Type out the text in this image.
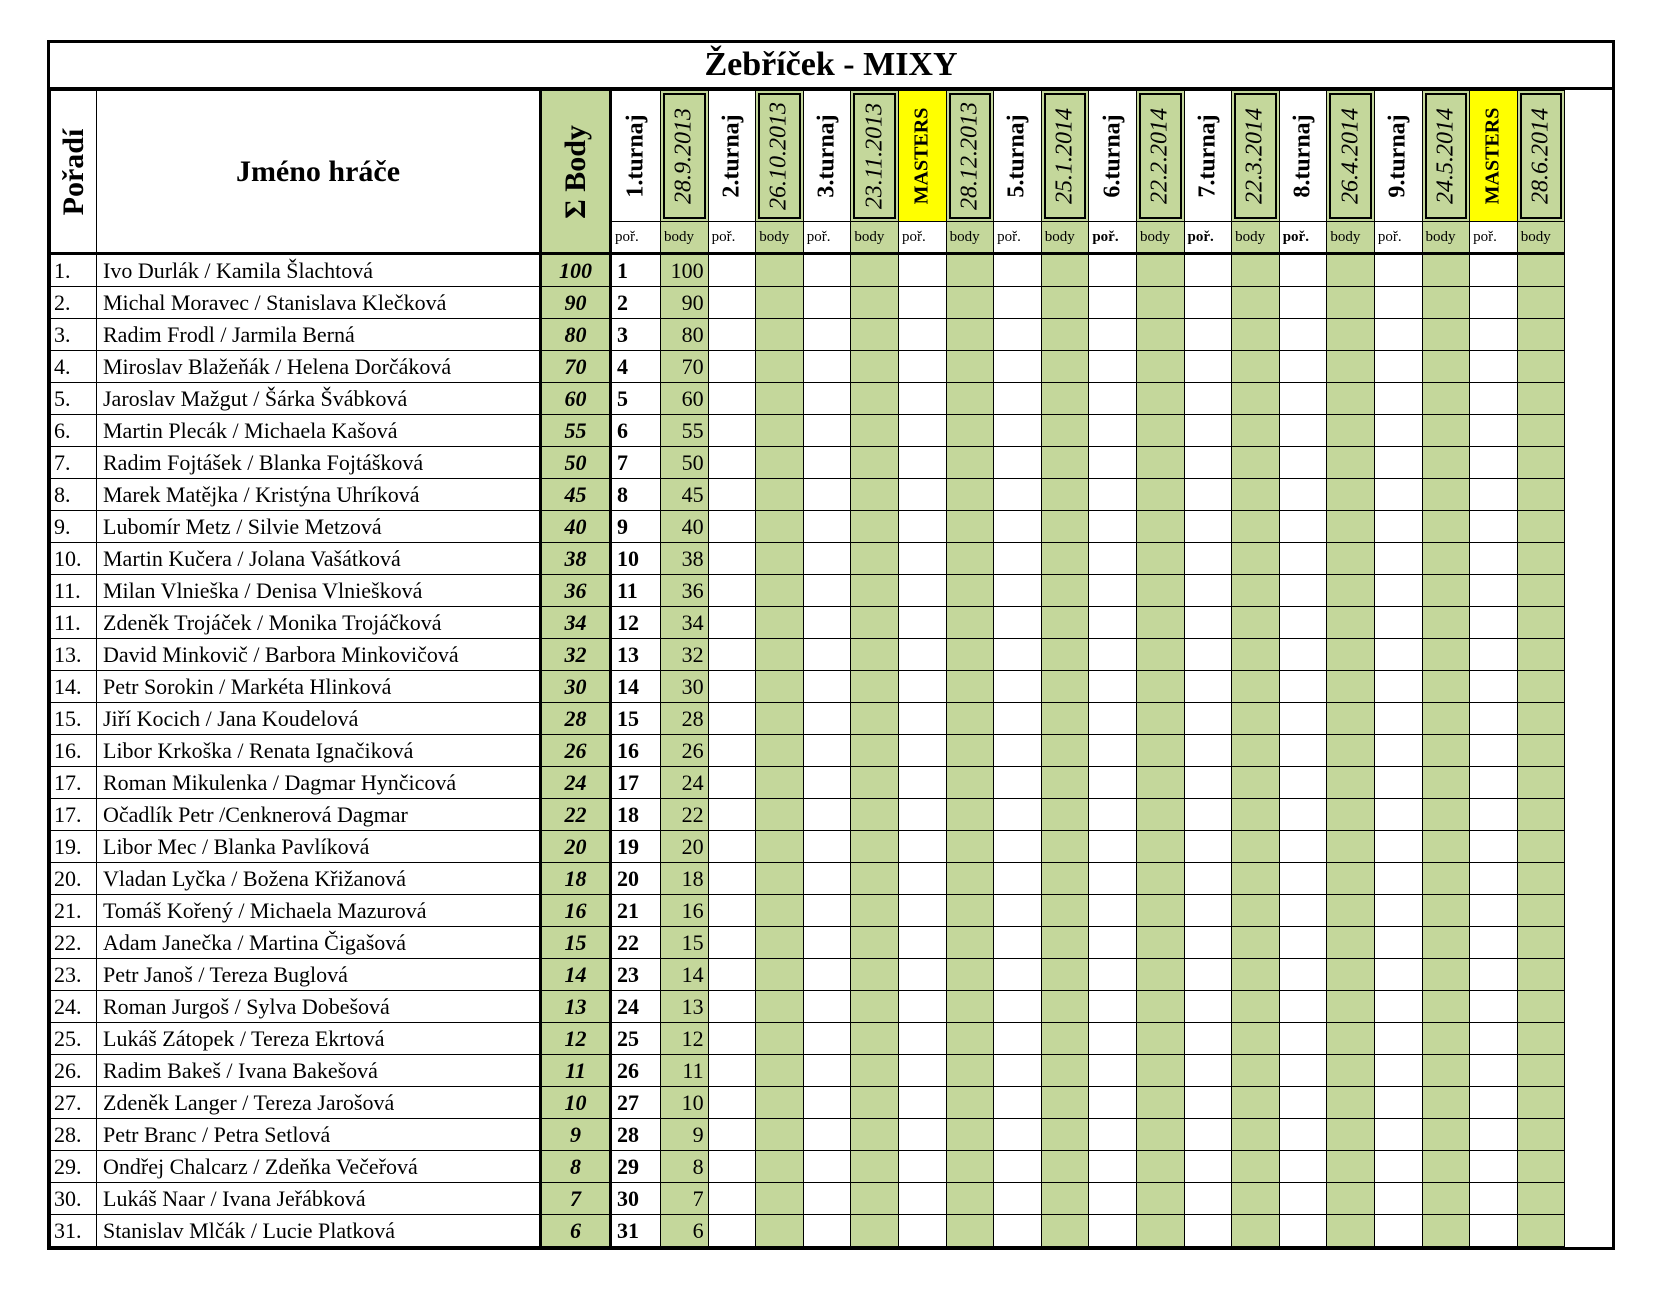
Žebříček - MIXY
Pořadí	Jméno hráče	Σ Body	1.turnaj	28.9.2013	2.turnaj	26.10.2013	3.turnaj	23.11.2013	MASTERS	28.12.2013	5.turnaj	25.1.2014	6.turnaj	22.2.2014	7.turnaj	22.3.2014	8.turnaj	26.4.2014	9.turnaj	24.5.2014	MASTERS	28.6.2014

			poř.	body	poř.	body	poř.	body	poř.	body	poř.	body	poř.	body	poř.	body	poř.	body	poř.	body	poř.	body
1.	Ivo Durlák / Kamila Šlachtová	100	1	100																		
2.	Michal Moravec / Stanislava Klečková	90	2	90																		
3.	Radim Frodl / Jarmila Berná	80	3	80																		
4.	Miroslav Blažeňák / Helena Dorčáková	70	4	70																		
5.	Jaroslav Mažgut / Šárka Švábková	60	5	60																		
6.	Martin Plecák / Michaela Kašová	55	6	55																		
7.	Radim Fojtášek / Blanka Fojtášková	50	7	50																		
8.	Marek Matějka / Kristýna Uhríková	45	8	45																		
9.	Lubomír Metz / Silvie Metzová	40	9	40																		
10.	Martin Kučera / Jolana Vašátková	38	10	38																		
11.	Milan Vlnieška / Denisa Vlniešková	36	11	36																		
11.	Zdeněk Trojáček / Monika Trojáčková	34	12	34																		
13.	David Minkovič / Barbora Minkovičová	32	13	32																		
14.	Petr Sorokin / Markéta Hlinková	30	14	30																		
15.	Jiří Kocich / Jana Koudelová	28	15	28																		
16.	Libor Krkoška / Renata Ignačiková	26	16	26																		
17.	Roman Mikulenka / Dagmar Hynčicová	24	17	24																		
17.	Očadlík Petr /Cenknerová Dagmar	22	18	22																		
19.	Libor Mec / Blanka Pavlíková	20	19	20																		
20.	Vladan Lyčka / Božena Křižanová	18	20	18																		
21.	Tomáš Kořený / Michaela Mazurová	16	21	16																		
22.	Adam Janečka / Martina Čigašová	15	22	15																		
23.	Petr Janoš / Tereza Buglová	14	23	14																		
24.	Roman Jurgoš / Sylva Dobešová	13	24	13																		
25.	Lukáš Zátopek / Tereza Ekrtová	12	25	12																		
26.	Radim Bakeš / Ivana Bakešová	11	26	11																		
27.	Zdeněk Langer / Tereza Jarošová	10	27	10																		
28.	Petr Branc / Petra Setlová	9	28	9																		
29.	Ondřej Chalcarz / Zdeňka Večeřová	8	29	8																		
30.	Lukáš Naar / Ivana Jeřábková	7	30	7																		
31.	Stanislav Mlčák / Lucie Platková	6	31	6																		
